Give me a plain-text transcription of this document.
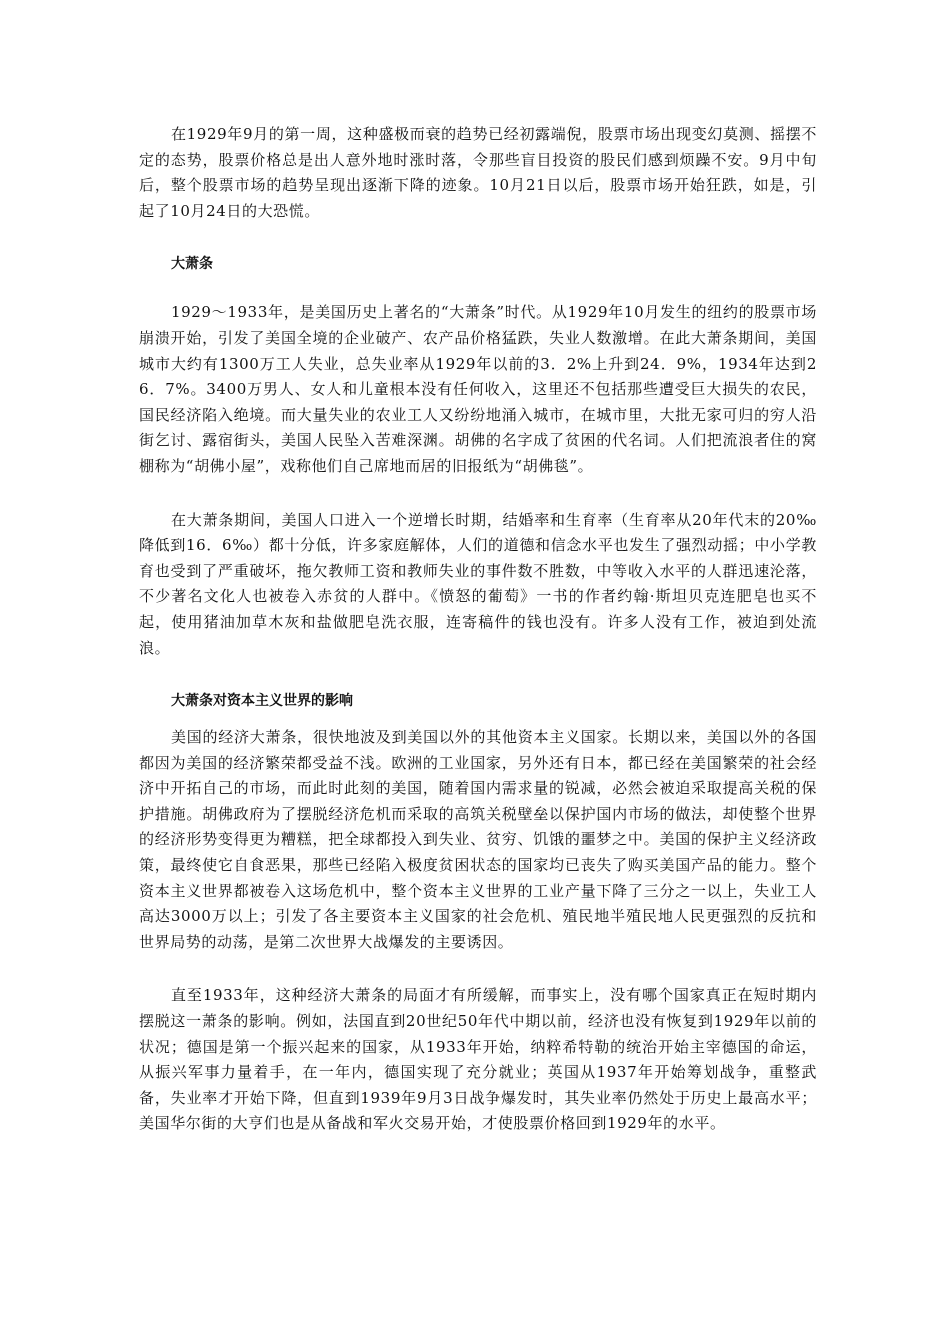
在1929年9月的第一周，这种盛极而衰的趋势已经初露端倪，股票市场出现变幻莫测、摇摆不定的态势，股票价格总是出人意外地时涨时落，令那些盲目投资的股民们感到烦躁不安。9月中旬后，整个股票市场的趋势呈现出逐渐下降的迹象。10月21日以后，股票市场开始狂跌，如是，引起了10月24日的大恐慌。

大萧条

1929～1933年，是美国历史上著名的“大萧条”时代。从1929年10月发生的纽约的股票市场崩溃开始，引发了美国全境的企业破产、农产品价格猛跌，失业人数激增。在此大萧条期间，美国城市大约有1300万工人失业，总失业率从1929年以前的3．2%上升到24．9%，1934年达到26．7%。3400万男人、女人和儿童根本没有任何收入，这里还不包括那些遭受巨大损失的农民，国民经济陷入绝境。而大量失业的农业工人又纷纷地涌入城市，在城市里，大批无家可归的穷人沿街乞讨、露宿街头，美国人民坠入苦难深渊。胡佛的名字成了贫困的代名词。人们把流浪者住的窝棚称为“胡佛小屋”，戏称他们自己席地而居的旧报纸为“胡佛毯”。

在大萧条期间，美国人口进入一个逆增长时期，结婚率和生育率（生育率从20年代末的20‰降低到16．6‰）都十分低，许多家庭解体，人们的道德和信念水平也发生了强烈动摇；中小学教育也受到了严重破坏，拖欠教师工资和教师失业的事件数不胜数，中等收入水平的人群迅速沦落，不少著名文化人也被卷入赤贫的人群中。《愤怒的葡萄》一书的作者约翰·斯坦贝克连肥皂也买不起，使用猪油加草木灰和盐做肥皂洗衣服，连寄稿件的钱也没有。许多人没有工作，被迫到处流浪。

大萧条对资本主义世界的影响

美国的经济大萧条，很快地波及到美国以外的其他资本主义国家。长期以来，美国以外的各国都因为美国的经济繁荣都受益不浅。欧洲的工业国家，另外还有日本，都已经在美国繁荣的社会经济中开拓自己的市场，而此时此刻的美国，随着国内需求量的锐减，必然会被迫采取提高关税的保护措施。胡佛政府为了摆脱经济危机而采取的高筑关税壁垒以保护国内市场的做法，却使整个世界的经济形势变得更为糟糕，把全球都投入到失业、贫穷、饥饿的噩梦之中。美国的保护主义经济政策，最终使它自食恶果，那些已经陷入极度贫困状态的国家均已丧失了购买美国产品的能力。整个资本主义世界都被卷入这场危机中，整个资本主义世界的工业产量下降了三分之一以上，失业工人高达3000万以上；引发了各主要资本主义国家的社会危机、殖民地半殖民地人民更强烈的反抗和世界局势的动荡，是第二次世界大战爆发的主要诱因。

直至1933年，这种经济大萧条的局面才有所缓解，而事实上，没有哪个国家真正在短时期内摆脱这一萧条的影响。例如，法国直到20世纪50年代中期以前，经济也没有恢复到1929年以前的状况；德国是第一个振兴起来的国家，从1933年开始，纳粹希特勒的统治开始主宰德国的命运，从振兴军事力量着手，在一年内，德国实现了充分就业；英国从1937年开始筹划战争，重整武备，失业率才开始下降，但直到1939年9月3日战争爆发时，其失业率仍然处于历史上最高水平；美国华尔街的大亨们也是从备战和军火交易开始，才使股票价格回到1929年的水平。
